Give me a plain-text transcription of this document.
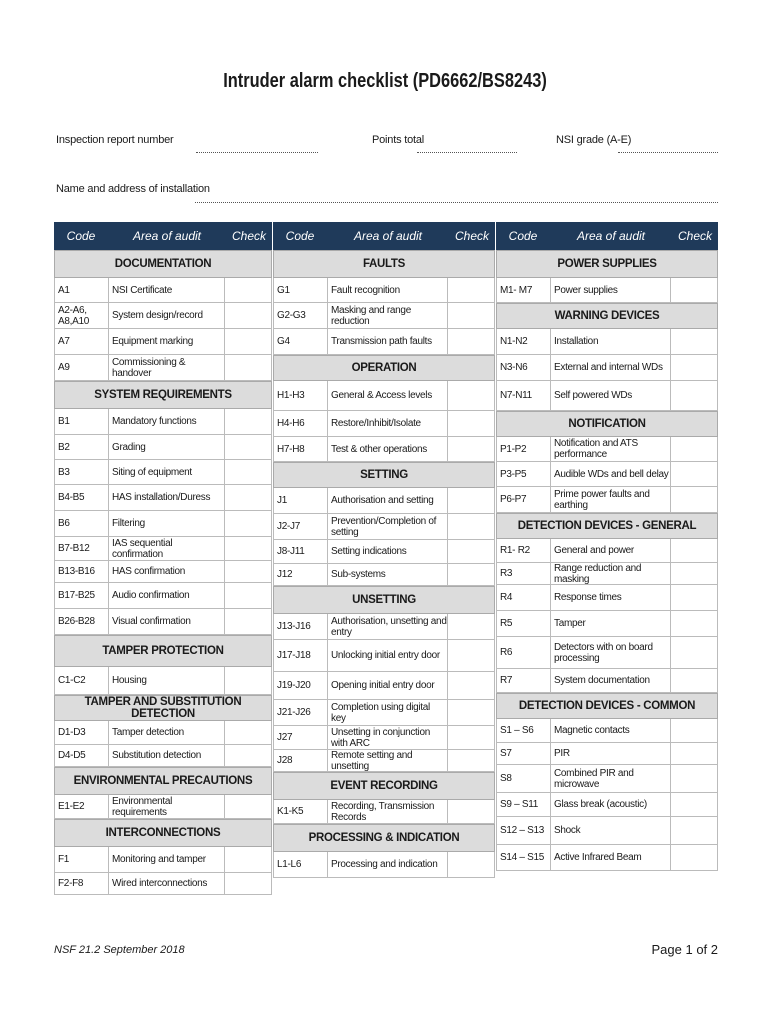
Intruder alarm checklist (PD6662/BS8243)
Inspection report number	Points total	NSI grade (A-E)
Name and address of installation
Code	Area of audit	Check
DOCUMENTATION
A1	NSI Certificate
A2-A6, A8,A10	System design/record
A7	Equipment marking
A9	Commissioning & handover
SYSTEM REQUIREMENTS
B1	Mandatory functions
B2	Grading
B3	Siting of equipment
B4-B5	HAS installation/Duress
B6	Filtering
B7-B12	IAS sequential confirmation
B13-B16	HAS confirmation
B17-B25	Audio confirmation
B26-B28	Visual confirmation
TAMPER PROTECTION
C1-C2	Housing
TAMPER AND SUBSTITUTION DETECTION
D1-D3	Tamper detection
D4-D5	Substitution detection
ENVIRONMENTAL PRECAUTIONS
E1-E2	Environmental requirements
INTERCONNECTIONS
F1	Monitoring and tamper
F2-F8	Wired interconnections
Code	Area of audit	Check
FAULTS
G1	Fault recognition
G2-G3	Masking and range reduction
G4	Transmission path faults
OPERATION
H1-H3	General & Access levels
H4-H6	Restore/Inhibit/Isolate
H7-H8	Test & other operations
SETTING
J1	Authorisation and setting
J2-J7	Prevention/Completion of setting
J8-J11	Setting indications
J12	Sub-systems
UNSETTING
J13-J16	Authorisation, unsetting and entry
J17-J18	Unlocking initial entry door
J19-J20	Opening initial entry door
J21-J26	Completion using digital key
J27	Unsetting in conjunction with ARC
J28	Remote setting and unsetting
EVENT RECORDING
K1-K5	Recording, Transmission Records
PROCESSING & INDICATION
L1-L6	Processing and indication
Code	Area of audit	Check
POWER SUPPLIES
M1- M7	Power supplies
WARNING DEVICES
N1-N2	Installation
N3-N6	External and internal WDs
N7-N11	Self powered WDs
NOTIFICATION
P1-P2	Notification and ATS performance
P3-P5	Audible WDs and bell delay
P6-P7	Prime power faults and earthing
DETECTION DEVICES - GENERAL
R1- R2	General and power
R3	Range reduction and masking
R4	Response times
R5	Tamper
R6	Detectors with on board processing
R7	System documentation
DETECTION DEVICES - COMMON
S1 – S6	Magnetic contacts
S7	PIR
S8	Combined PIR and microwave
S9 – S11	Glass break (acoustic)
S12 – S13 Shock
S14 – S15 Active Infrared Beam
NSF 21.2 September 2018	Page 1 of 2
